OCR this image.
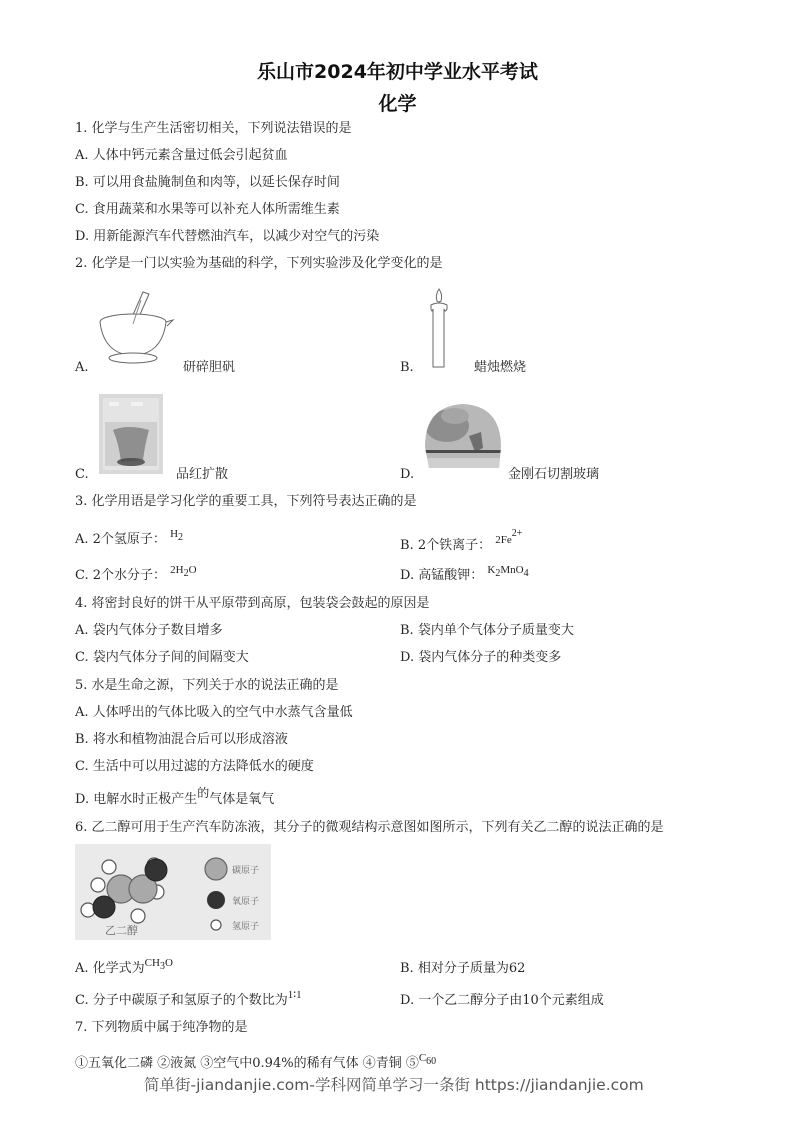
乐山市2024年初中学业水平考试
化学
1. 化学与生产生活密切相关，下列说法错误的是
A. 人体中钙元素含量过低会引起贫血
B. 可以用食盐腌制鱼和肉等，以延长保存时间
C. 食用蔬菜和水果等可以补充人体所需维生素
D. 用新能源汽车代替燃油汽车，以减少对空气的污染
2. 化学是一门以实验为基础的科学，下列实验涉及化学变化的是
A.	研碎胆矾	B.	蜡烛燃烧
C.	品红扩散	D.	金刚石切割玻璃
3. 化学用语是学习化学的重要工具，下列符号表达正确的是
A. 2个氢原子： $^{H_2}$
B. 2个铁离子： $^{2Fe^{2+}}$
C. 2个水分子： $^{2H_2O}$	D. 高锰酸钾： $^{K_2MnO_4}$
4. 将密封良好的饼干从平原带到高原，包装袋会鼓起的原因是
A. 袋内气体分子数目增多	B. 袋内单个气体分子质量变大
C. 袋内气体分子间的间隔变大	D. 袋内气体分子的种类变多
5. 水是生命之源，下列关于水的说法正确的是
A. 人体呼出的气体比吸入的空气中水蒸气含量低
B. 将水和植物油混合后可以形成溶液
C. 生活中可以用过滤的方法降低水的硬度
D. 电解水时正极产生的气体是氧气
6. 乙二醇可用于生产汽车防冻液，其分子的微观结构示意图如图所示，下列有关乙二醇的说法正确的是
乙二醇
碳原子
氧原子
氢原子
A. 化学式为$^{CH_3O}$	B. 相对分子质量为62
C. 分子中碳原子和氢原子的个数比为$^{1∶1}$	D. 一个乙二醇分子由10个元素组成
7. 下列物质中属于纯净物的是
①五氧化二磷 ②液氮 ③空气中0.94%的稀有气体 ④青铜 ⑤$^{C_{60}}$
简单街-jiandanjie.com-学科网简单学习一条街 https://jiandanjie.com
